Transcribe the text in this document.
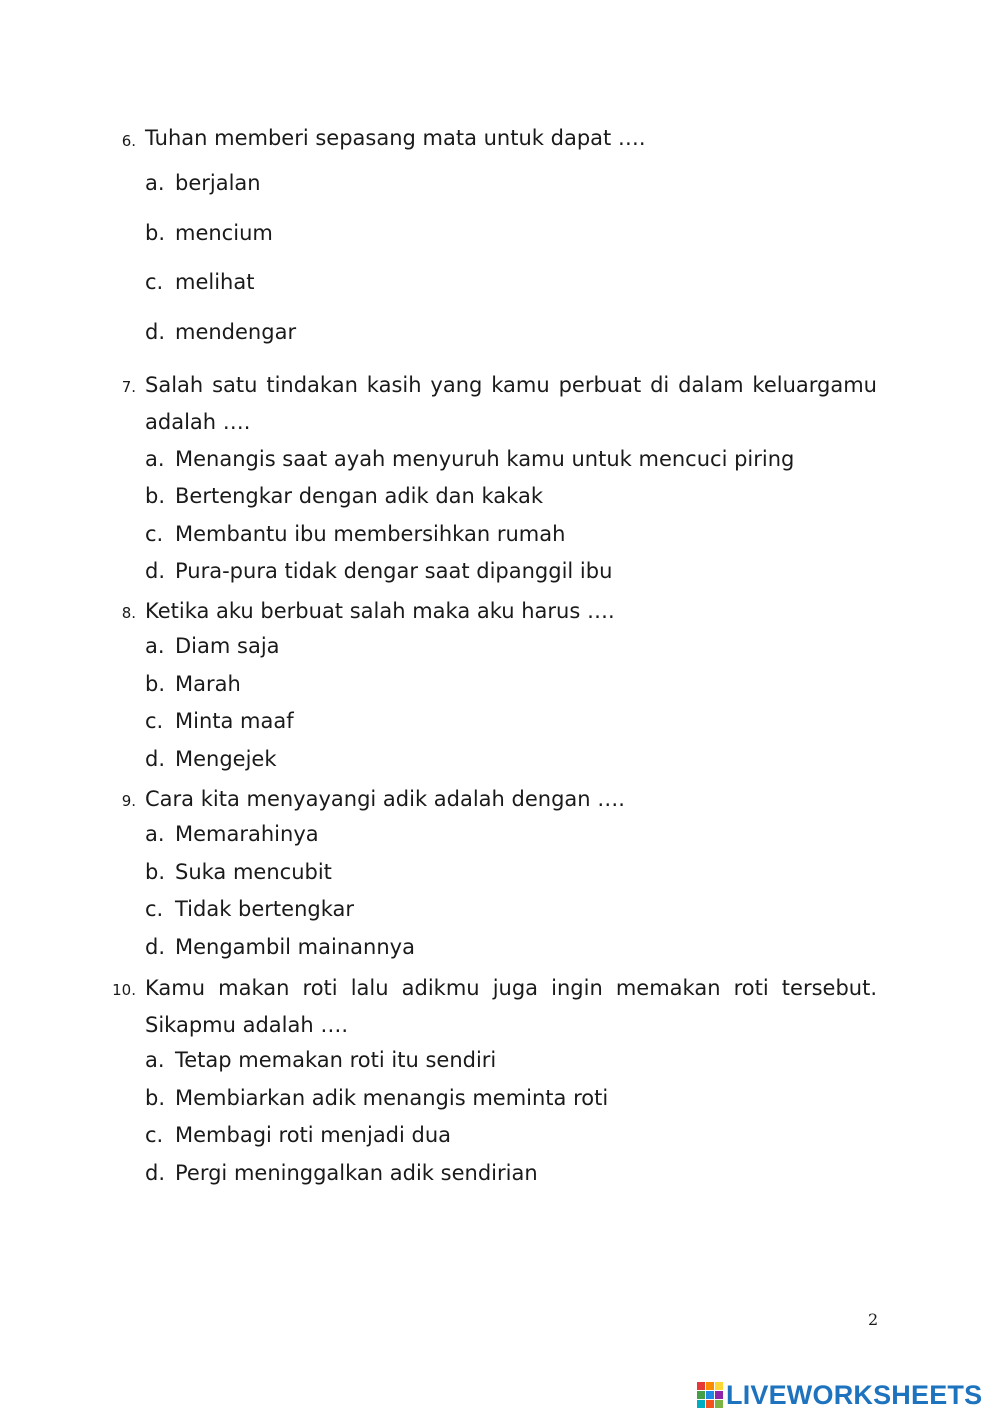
6. Tuhan memberi sepasang mata untuk dapat ….
a. berjalan
b. mencium
c. melihat
d. mendengar
7. Salah satu tindakan kasih yang kamu perbuat di dalam keluargamu adalah ….
a. Menangis saat ayah menyuruh kamu untuk mencuci piring
b. Bertengkar dengan adik dan kakak
c. Membantu ibu membersihkan rumah
d. Pura-pura tidak dengar saat dipanggil ibu
8. Ketika aku berbuat salah maka aku harus ….
a. Diam saja
b. Marah
c. Minta maaf
d. Mengejek
9. Cara kita menyayangi adik adalah dengan ….
a. Memarahinya
b. Suka mencubit
c. Tidak bertengkar
d. Mengambil mainannya
10. Kamu makan roti lalu adikmu juga ingin memakan roti tersebut. Sikapmu adalah ….
a. Tetap memakan roti itu sendiri
b. Membiarkan adik menangis meminta roti
c. Membagi roti menjadi dua
d. Pergi meninggalkan adik sendirian
2
LIVEWORKSHEETS
